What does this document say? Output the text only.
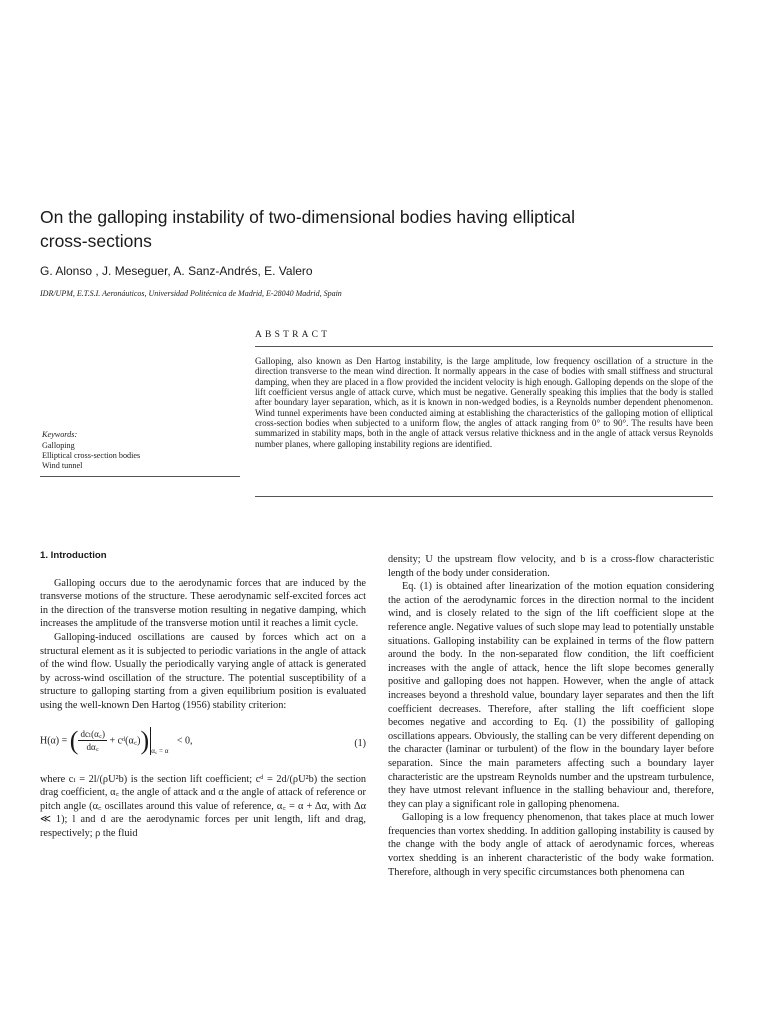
On the galloping instability of two-dimensional bodies having elliptical cross-sections

G. Alonso , J. Meseguer, A. Sanz-Andrés, E. Valero

IDR/UPM, E.T.S.I. Aeronáuticos, Universidad Politécnica de Madrid, E-28040 Madrid, Spain

ABSTRACT

Galloping, also known as Den Hartog instability, is the large amplitude, low frequency oscillation of a structure in the direction transverse to the mean wind direction. It normally appears in the case of bodies with small stiffness and structural damping, when they are placed in a flow provided the incident velocity is high enough. Galloping depends on the slope of the lift coefficient versus angle of attack curve, which must be negative. Generally speaking this implies that the body is stalled after boundary layer separation, which, as it is known in non-wedged bodies, is a Reynolds number dependent phenomenon. Wind tunnel experiments have been conducted aiming at establishing the characteristics of the galloping motion of elliptical cross-section bodies when subjected to a uniform flow, the angles of attack ranging from 0° to 90°. The results have been summarized in stability maps, both in the angle of attack versus relative thickness and in the angle of attack versus Reynolds number planes, where galloping instability regions are identified.

Keywords:

Galloping
Elliptical cross-section bodies
Wind tunnel
1. Introduction

Galloping occurs due to the aerodynamic forces that are induced by the transverse motions of the structure. These aerodynamic self-excited forces act in the direction of the transverse motion resulting in negative damping, which increases the amplitude of the transverse motion until it reaches a limit cycle.

Galloping-induced oscillations are caused by forces which act on a structural element as it is subjected to periodic variations in the angle of attack of the wind flow. Usually the periodically varying angle of attack is generated by across-wind oscillation of the structure. The potential susceptibility of a structure to galloping starting from a given equilibrium position is evaluated using the well-known Den Hartog (1956) stability criterion:

H(α) = ( $\frac{\text{dcₗ(α꜀)}}{d\alpha꜀}$ + cᵈ(α꜀)) $_{\alpha꜀ = \alpha}$ < 0,	(1)

where cₗ = 2l/(ρU²b) is the section lift coefficient; cᵈ = 2d/(ρU²b) the section drag coefficient, α꜀ the angle of attack and α the angle of attack of reference or pitch angle (α꜀ oscillates around this value of reference, α꜀ = α + Δα, with Δα ≪ 1); l and d are the aerodynamic forces per unit length, lift and drag, respectively; ρ the fluid

density; U the upstream flow velocity, and b is a cross-flow characteristic length of the body under consideration.

Eq. (1) is obtained after linearization of the motion equation considering the action of the aerodynamic forces in the direction normal to the incident wind, and is closely related to the sign of the lift coefficient slope at the reference angle. Negative values of such slope may lead to potentially unstable situations. Galloping instability can be explained in terms of the flow pattern around the body. In the non-separated flow condition, the lift coefficient increases with the angle of attack, hence the lift slope becomes generally positive and galloping does not happen. However, when the angle of attack increases beyond a threshold value, boundary layer separates and then the lift coefficient decreases. Therefore, after stalling the lift coefficient slope becomes negative and according to Eq. (1) the possibility of galloping oscillations appears. Obviously, the stalling can be very different depending on the character (laminar or turbulent) of the flow in the boundary layer before separation. Since the main parameters affecting such a boundary layer characteristic are the upstream Reynolds number and the upstream turbulence, they have utmost relevant influence in the stalling behaviour and, therefore, they can play a significant role in galloping phenomena.

Galloping is a low frequency phenomenon, that takes place at much lower frequencies than vortex shedding. In addition galloping instability is caused by the change with the body angle of attack of aerodynamic forces, whereas vortex shedding is an inherent characteristic of the body wake formation. Therefore, although in very specific circumstances both phenomena can
